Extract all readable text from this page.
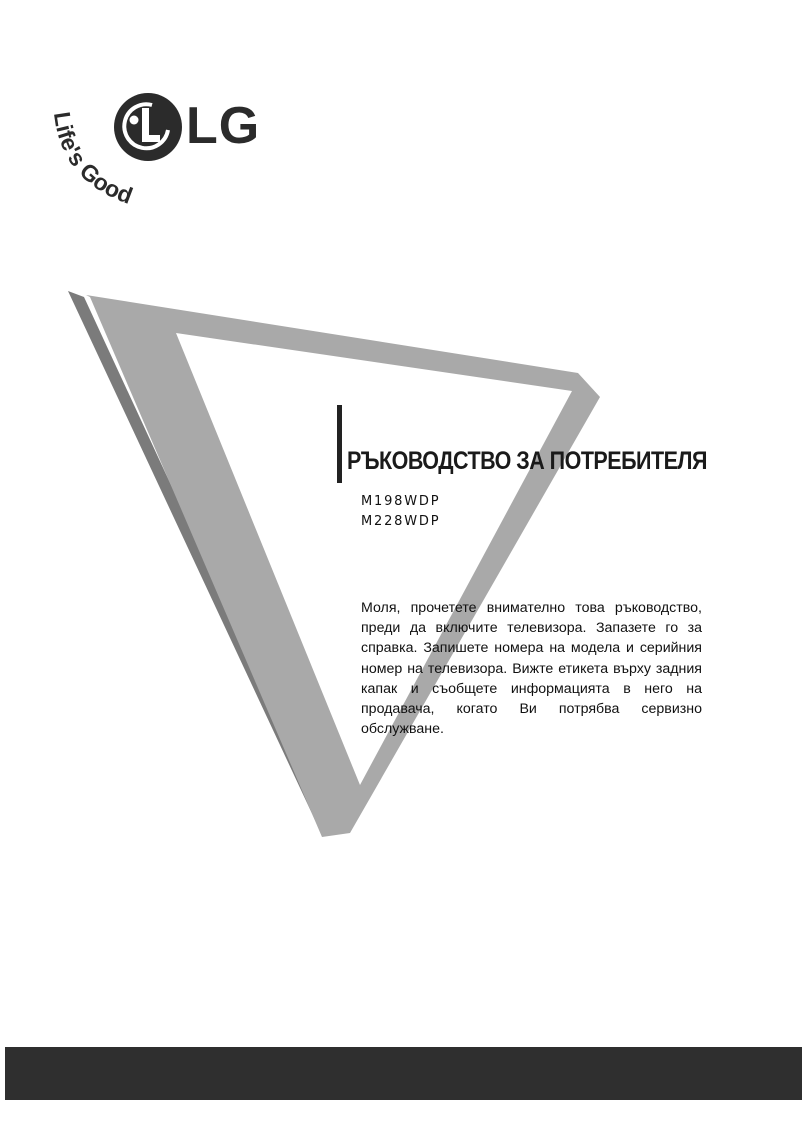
LG
Life's Good
РЪКОВОДСТВО ЗА ПОТРЕБИТЕЛЯ
M198WDP
M228WDP
Моля, прочетете внимателно това ръководство, преди да включите телевизора. Запазете го за справка. Запишете номера на модела и серийния номер на телевизора. Вижте етикета върху задния капак и съобщете информацията в него на продавача, когато Ви потрябва сервизно обслужване.
